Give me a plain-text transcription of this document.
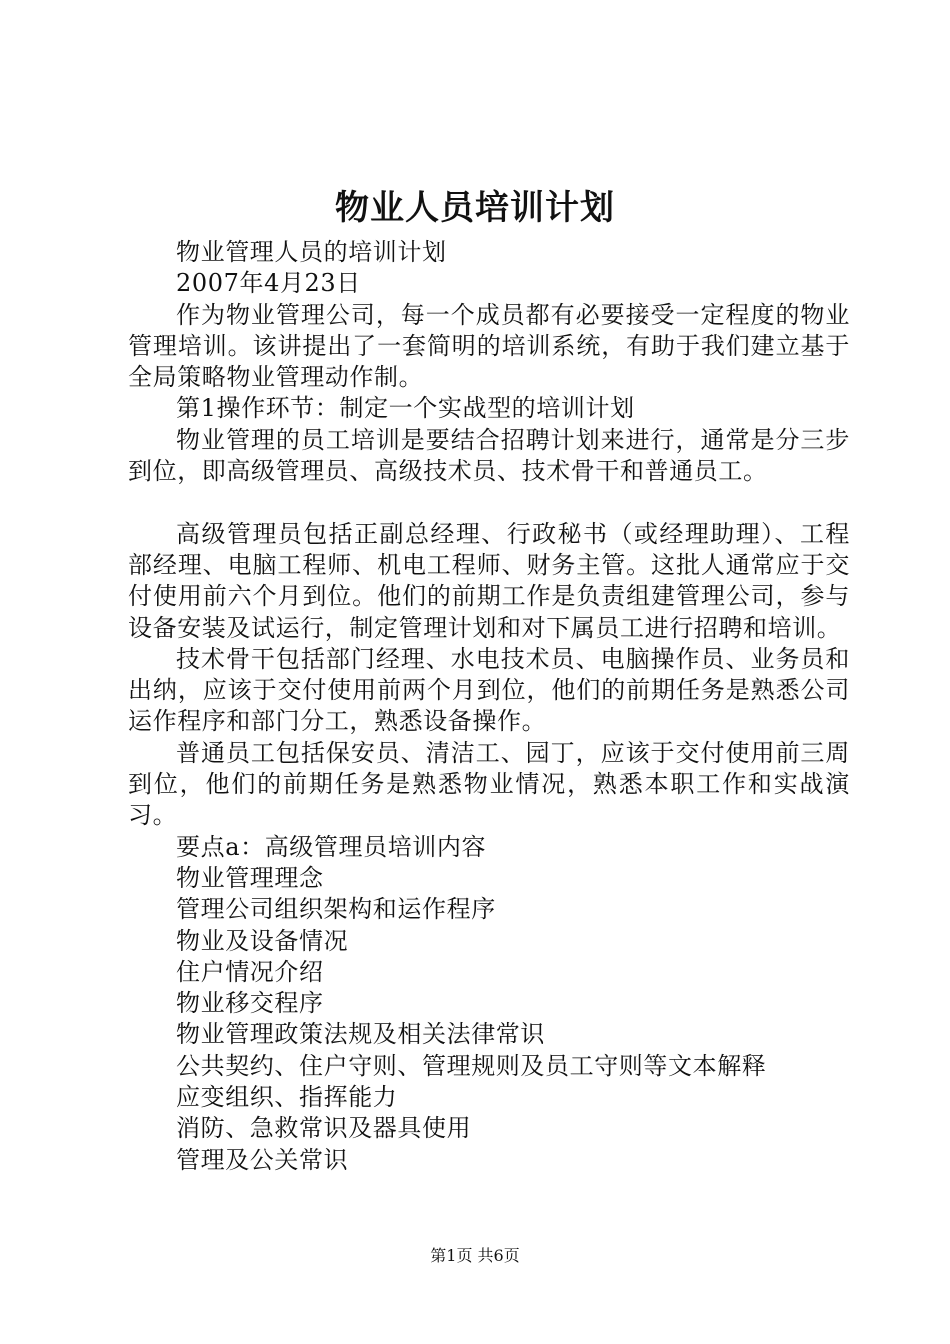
物业人员培训计划

物业管理人员的培训计划

2007年4月23日

作为物业管理公司，每一个成员都有必要接受一定程度的物业管理培训。该讲提出了一套简明的培训系统，有助于我们建立基于全局策略物业管理动作制。

第1操作环节：制定一个实战型的培训计划

物业管理的员工培训是要结合招聘计划来进行，通常是分三步到位，即高级管理员、高级技术员、技术骨干和普通员工。

高级管理员包括正副总经理、行政秘书（或经理助理）、工程部经理、电脑工程师、机电工程师、财务主管。这批人通常应于交付使用前六个月到位。他们的前期工作是负责组建管理公司，参与设备安装及试运行，制定管理计划和对下属员工进行招聘和培训。

技术骨干包括部门经理、水电技术员、电脑操作员、业务员和出纳，应该于交付使用前两个月到位，他们的前期任务是熟悉公司运作程序和部门分工，熟悉设备操作。

普通员工包括保安员、清洁工、园丁，应该于交付使用前三周到位，他们的前期任务是熟悉物业情况，熟悉本职工作和实战演习。

要点a：高级管理员培训内容

物业管理理念

管理公司组织架构和运作程序

物业及设备情况

住户情况介绍

物业移交程序

物业管理政策法规及相关法律常识

公共契约、住户守则、管理规则及员工守则等文本解释

应变组织、指挥能力

消防、急救常识及器具使用

管理及公关常识

第1页 共6页
